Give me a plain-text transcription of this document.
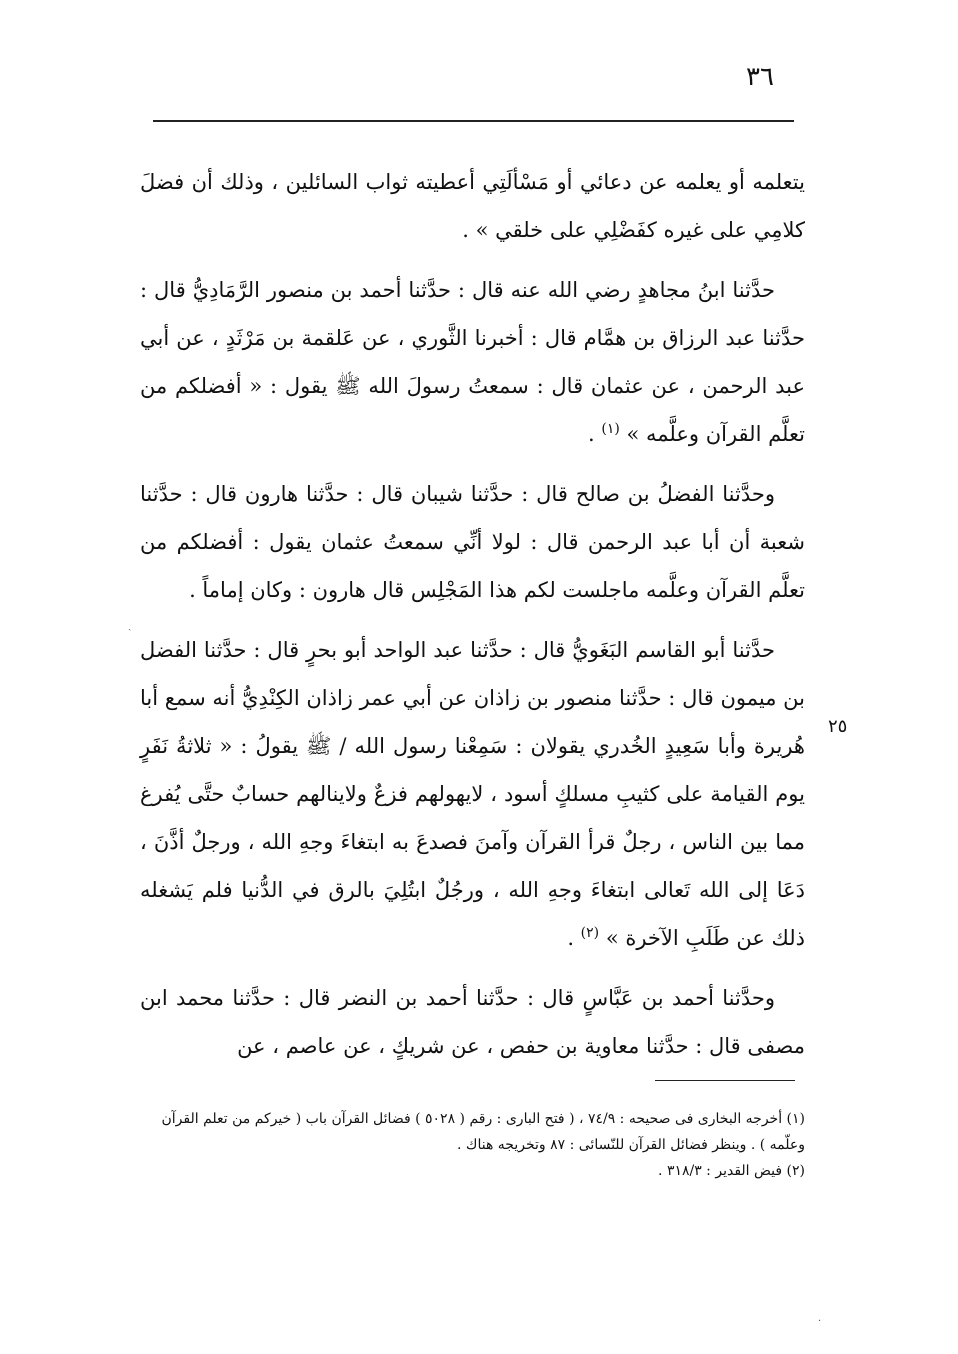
٣٦

يتعلمه أو يعلمه عن دعائي أو مَسْألَتِي أعطيته ثواب السائلين ، وذلك أن فضلَ كلامِي على غيره كفَضْلِي على خلقي » .

حدَّثنا ابنُ مجاهدٍ رضي الله عنه قال : حدَّثنا أحمد بن منصور الرَّمَادِيُّ قال : حدَّثنا عبد الرزاق بن همَّام قال : أخبرنا الثَّوري ، عن عَلقمة بن مَرْثَدٍ ، عن أبي عبد الرحمن ، عن عثمان قال : سمعتُ رسولَ الله ﷺ يقول : « أفضلكم من تعلَّم القرآن وعلَّمه » $^{(١)}$ .

وحدَّثنا الفضلُ بن صالح قال : حدَّثنا شيبان قال : حدَّثنا هارون قال : حدَّثنا شعبة أن أبا عبد الرحمن قال : لولا أنِّي سمعتُ عثمان يقول : أفضلكم من تعلَّم القرآن وعلَّمه ماجلست لكم هذا المَجْلِس قال هارون : وكان إماماً .

حدَّثنا أبو القاسم البَغَويُّ قال : حدَّثنا عبد الواحد أبو بحرٍ قال : حدَّثنا الفضل بن ميمون قال : حدَّثنا منصور بن زاذان عن أبي عمر زاذان الكِنْدِيُّ أنه سمع أبا هُريرة وأبا سَعِيدٍ الخُدري يقولان : سَمِعْنا رسول الله / ﷺ يقولُ : « ثلاثةُ نَفَرٍ يوم القيامة على كثيبِ مسلكٍ أسود ، لايهولهم فزعٌ ولاينالهم حسابٌ حتَّى يُفرغ مما بين الناس ، رجلٌ قرأ القرآن وآمنَ فصدعَ به ابتغاءَ وجهِ الله ، ورجلٌ أذَّنَ ، دَعَا إلى الله تَعالى ابتغاءَ وجهِ الله ، ورجُلٌ ابتُلِيَ بالرق في الدُّنيا فلم يَشغله ذلك عن طَلَبِ الآخرة » $^{(٢)}$ .

وحدَّثنا أحمد بن عَبَّاسٍ قال : حدَّثنا أحمد بن النضر قال : حدَّثنا محمد ابن مصفى قال : حدَّثنا معاوية بن حفص ، عن شريكٍ ، عن عاصم ، عن

٢٥

(١) أخرجه البخارى فى صحيحه : ٧٤/٩ ، ( فتح البارى : رقم ( ٥٠٢٨ ) فضائل القرآن باب ( خيركم من تعلم القرآن وعلّمه ) . وينظر فضائل القرآن للنّسائى : ٨٧ وتخريجه هناك .

(٢) فيض القدير : ٣١٨/٣ .

ˎ
·
